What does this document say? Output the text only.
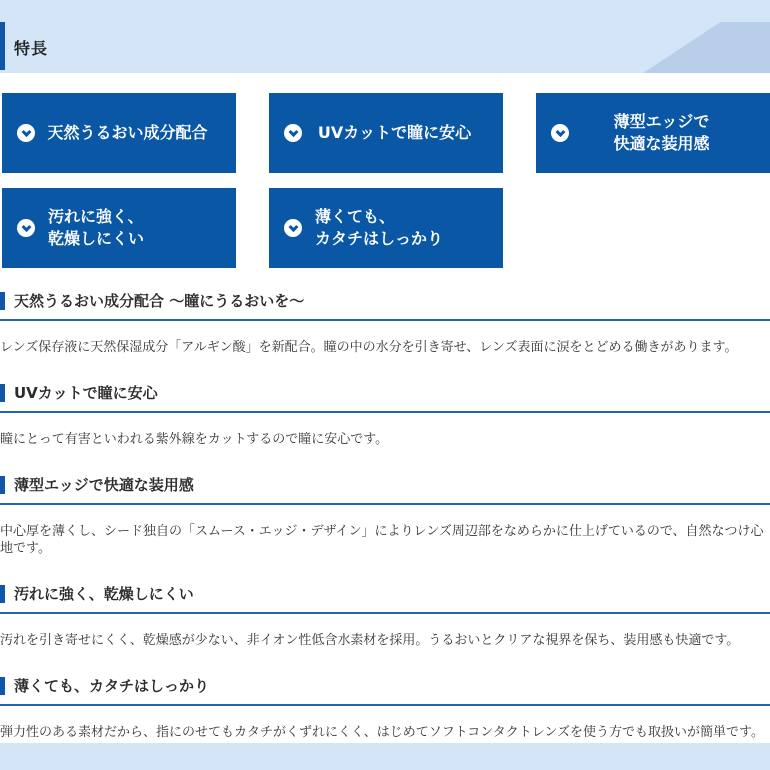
特長
天然うるおい成分配合	UVカットで瞳に安心
薄型エッジで
快適な装用感
汚れに強く、
乾燥しにくい
薄くても、
カタチはしっかり
天然うるおい成分配合 ～瞳にうるおいを～
レンズ保存液に天然保湿成分「アルギン酸」を新配合。瞳の中の水分を引き寄せ、レンズ表面に涙をとどめる働きがあります。
UVカットで瞳に安心
瞳にとって有害といわれる紫外線をカットするので瞳に安心です。
薄型エッジで快適な装用感
中心厚を薄くし、シード独自の「スムース・エッジ・デザイン」によりレンズ周辺部をなめらかに仕上げているので、自然なつけ心地です。
汚れに強く、乾燥しにくい
汚れを引き寄せにくく、乾燥感が少ない、非イオン性低含水素材を採用。うるおいとクリアな視界を保ち、装用感も快適です。
薄くても、カタチはしっかり
弾力性のある素材だから、指にのせてもカタチがくずれにくく、はじめてソフトコンタクトレンズを使う方でも取扱いが簡単です。
